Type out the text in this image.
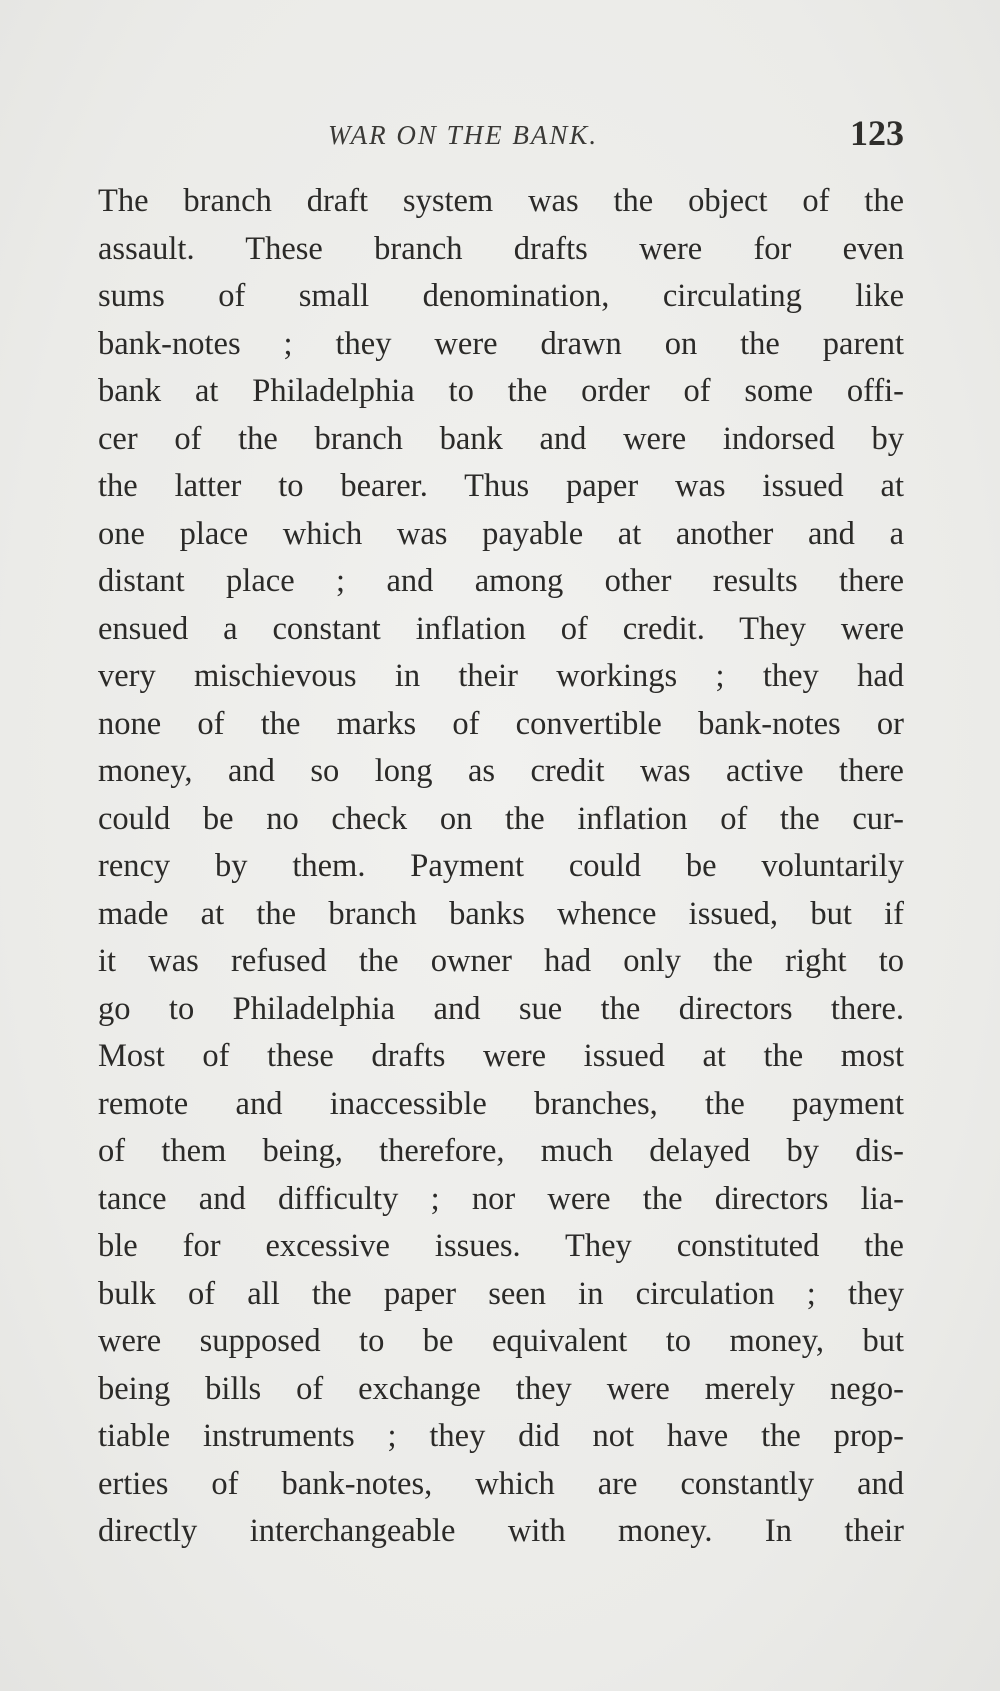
WAR ON THE BANK.	123
The branch draft system was the object of the
assault. These branch drafts were for even
sums of small denomination, circulating like
bank-notes ; they were drawn on the parent
bank at Philadelphia to the order of some offi-
cer of the branch bank and were indorsed by
the latter to bearer. Thus paper was issued at
one place which was payable at another and a
distant place ; and among other results there
ensued a constant inflation of credit. They were
very mischievous in their workings ; they had
none of the marks of convertible bank-notes or
money, and so long as credit was active there
could be no check on the inflation of the cur-
rency by them. Payment could be voluntarily
made at the branch banks whence issued, but if
it was refused the owner had only the right to
go to Philadelphia and sue the directors there.
Most of these drafts were issued at the most
remote and inaccessible branches, the payment
of them being, therefore, much delayed by dis-
tance and difficulty ; nor were the directors lia-
ble for excessive issues. They constituted the
bulk of all the paper seen in circulation ; they
were supposed to be equivalent to money, but
being bills of exchange they were merely nego-
tiable instruments ; they did not have the prop-
erties of bank-notes, which are constantly and
directly interchangeable with money. In their
